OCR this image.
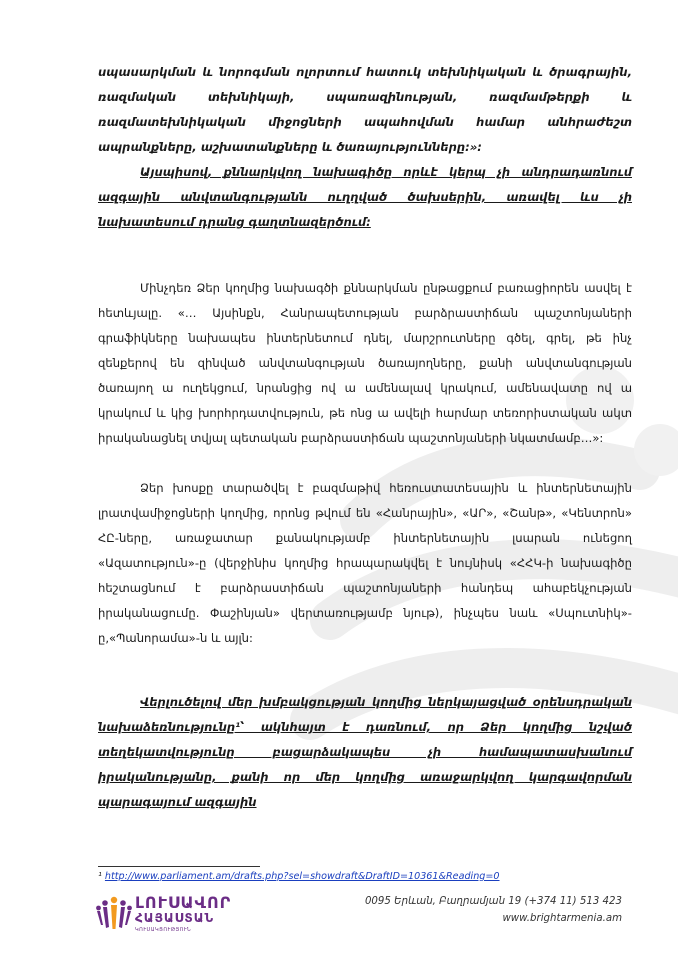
սպասարկման և նորոգման ոլորտում հատուկ տեխնիկական և ծրագրային, ռազմական տեխնիկայի, սպառազինության, ռազմամթերքի և ռազմատեխնիկական միջոցների ապահովման համար անհրաժեշտ ապրանքները, աշխատանքները և ծառայությունները:»:

Այսպիսով, քննարկվող նախագիծը որևէ կերպ չի անդրադառնում ազգային անվտանգությանն ուղղված ծախսերին, առավել ևս չի նախատեսում դրանց գաղտնազերծում:

Մինչդեռ Ձեր կողմից նախագծի քննարկման ընթացքում բառացիորեն ասվել է հետևյալը. «… Այսինքն, Հանրապետության բարձրաստիճան պաշտոնյաների գրաֆիկները նախապես ինտերնետում դնել, մարշրուտները գծել, գրել, թե ինչ զենքերով են զինված անվտանգության ծառայողները, քանի անվտանգության ծառայող ա ուղեկցում, նրանցից ով ա ամենալավ կրակում, ամենավատը ով ա կրակում և կից խորհրդատվություն, թե ոնց ա ավելի հարմար տեռորիստական ակտ իրականացնել տվյալ պետական բարձրաստիճան պաշտոնյաների նկատմամբ…»:

Ձեր խոսքը տարածվել է բազմաթիվ հեռուստատեսային և ինտերնետային լրատվամիջոցների կողմից, որոնց թվում են «Հանրային», «ԱՐ», «Շանթ», «Կենտրոն» ՀԸ-ները, առաջատար քանակությամբ ինտերնետային լսարան ունեցող «Ազատություն»-ը (վերջինիս կողմից հրապարակվել է նույնիսկ «ՀՀԿ-ի նախագիծը հեշտացնում է բարձրաստիճան պաշտոնյաների հանդեպ ահաբեկչության իրականացումը. Փաշինյան» վերտառությամբ նյութ), ինչպես նաև «Սպուտնիկ»-ը,«Պանորամա»-ն և այլն:

Վերլուծելով մեր խմբակցության կողմից ներկայացված օրենսդրական նախաձեռնությունը¹՝ ակնհայտ է դառնում, որ Ձեր կողմից նշված տեղեկատվությունը բացարձակապես չի համապատասխանում իրականությանը, քանի որ մեր կողմից առաջարկվող կարգավորման պարագայում ազգային

¹ http://www.parliament.am/drafts.php?sel=showdraft&DraftID=10361&Reading=0
ԼՈՒՍԱՎՈՐ
ՀԱՅԱՍՏԱՆ
ԿՈՒՍԱԿՑՈՒԹՅՈՒՆ
0095 Երևան, Բաղրամյան 19 (+374 11) 513 423
www.brightarmenia.am
